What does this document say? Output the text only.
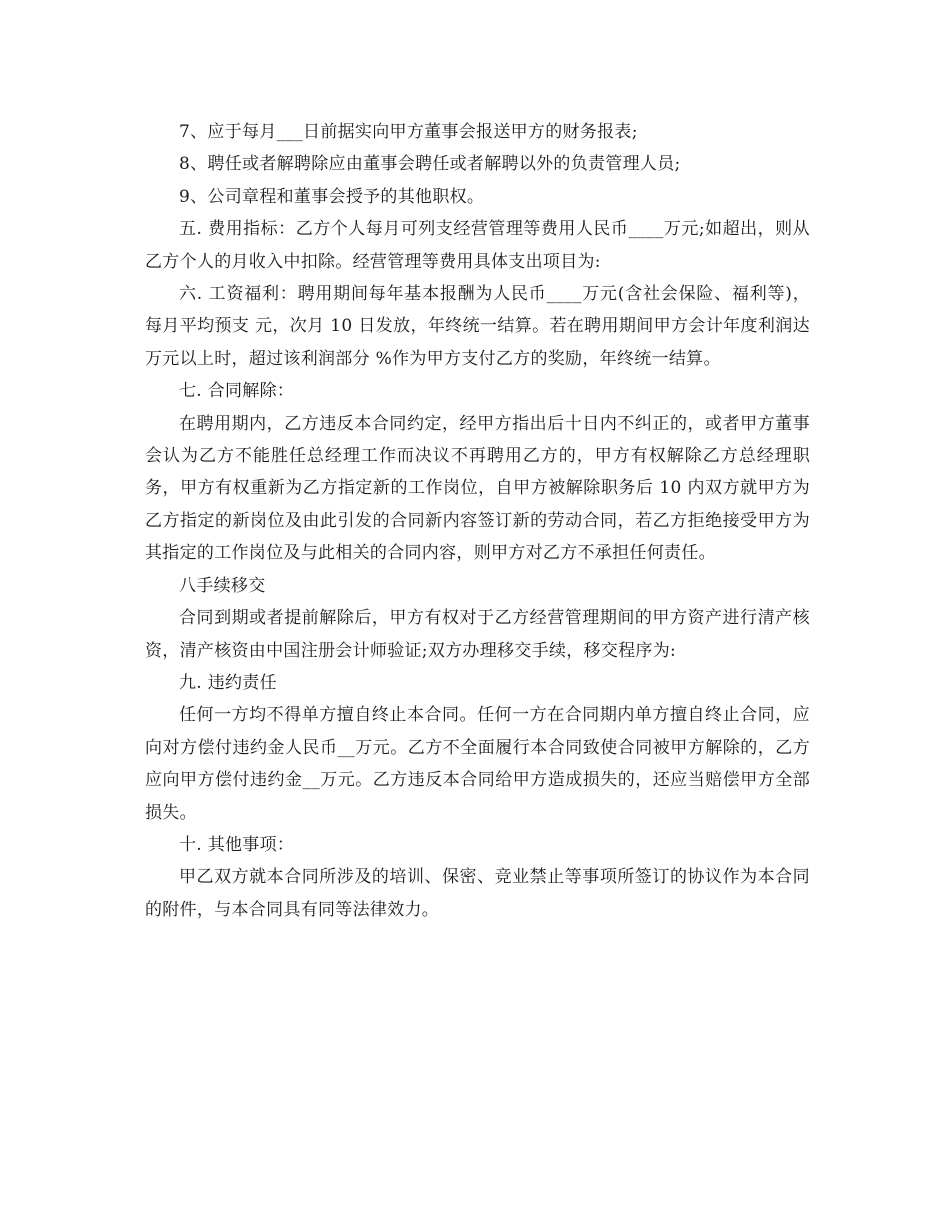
7、应于每月___日前据实向甲方董事会报送甲方的财务报表;

8、聘任或者解聘除应由董事会聘任或者解聘以外的负责管理人员;

9、公司章程和董事会授予的其他职权。

五. 费用指标：乙方个人每月可列支经营管理等费用人民币____万元;如超出，则从乙方个人的月收入中扣除。经营管理等费用具体支出项目为:

六. 工资福利：聘用期间每年基本报酬为人民币____万元(含社会保险、福利等)，每月平均预支 元，次月 10 日发放，年终统一结算。若在聘用期间甲方会计年度利润达 万元以上时，超过该利润部分 %作为甲方支付乙方的奖励，年终统一结算。

七. 合同解除：

在聘用期内，乙方违反本合同约定，经甲方指出后十日内不纠正的，或者甲方董事会认为乙方不能胜任总经理工作而决议不再聘用乙方的，甲方有权解除乙方总经理职务，甲方有权重新为乙方指定新的工作岗位，自甲方被解除职务后 10 内双方就甲方为乙方指定的新岗位及由此引发的合同新内容签订新的劳动合同，若乙方拒绝接受甲方为其指定的工作岗位及与此相关的合同内容，则甲方对乙方不承担任何责任。

八手续移交

合同到期或者提前解除后，甲方有权对于乙方经营管理期间的甲方资产进行清产核资，清产核资由中国注册会计师验证;双方办理移交手续，移交程序为:

九. 违约责任

任何一方均不得单方擅自终止本合同。任何一方在合同期内单方擅自终止合同，应向对方偿付违约金人民币__万元。乙方不全面履行本合同致使合同被甲方解除的，乙方应向甲方偿付违约金__万元。乙方违反本合同给甲方造成损失的，还应当赔偿甲方全部损失。

十. 其他事项：

甲乙双方就本合同所涉及的培训、保密、竞业禁止等事项所签订的协议作为本合同的附件，与本合同具有同等法律效力。
